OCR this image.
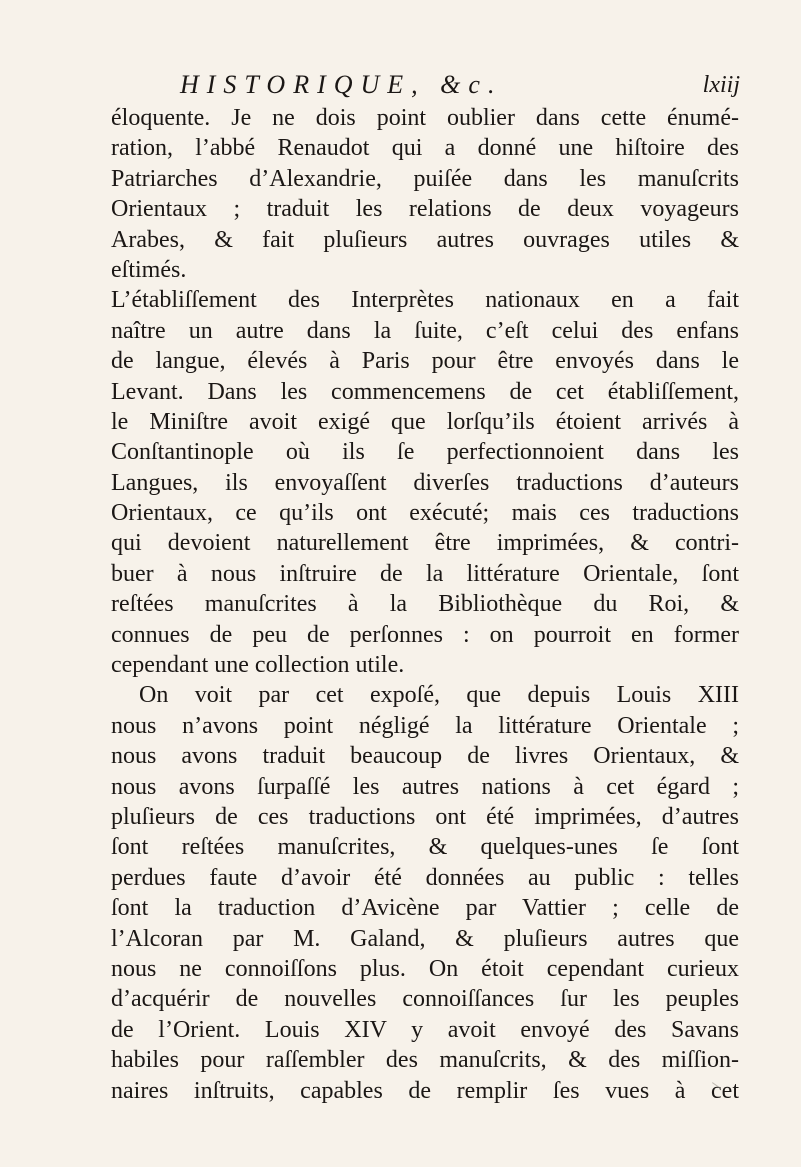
HISTORIQUE, &c.	lxiij
éloquente. Je ne dois point oublier dans cette énumé-
ration, l’abbé Renaudot qui a donné une hiſtoire des
Patriarches d’Alexandrie, puiſée dans les manuſcrits
Orientaux ; traduit les relations de deux voyageurs
Arabes, & fait pluſieurs autres ouvrages utiles &
eſtimés.
L’établiſſement des Interprètes nationaux en a fait
naître un autre dans la ſuite, c’eſt celui des enfans
de langue, élevés à Paris pour être envoyés dans le
Levant. Dans les commencemens de cet établiſſement,
le Miniſtre avoit exigé que lorſqu’ils étoient arrivés à
Conſtantinople où ils ſe perfectionnoient dans les
Langues, ils envoyaſſent diverſes traductions d’auteurs
Orientaux, ce qu’ils ont exécuté; mais ces traductions
qui devoient naturellement être imprimées, & contri-
buer à nous inſtruire de la littérature Orientale, ſont
reſtées manuſcrites à la Bibliothèque du Roi, &
connues de peu de perſonnes : on pourroit en former
cependant une collection utile.
On voit par cet expoſé, que depuis Louis XIII
nous n’avons point négligé la littérature Orientale ;
nous avons traduit beaucoup de livres Orientaux, &
nous avons ſurpaſſé les autres nations à cet égard ;
pluſieurs de ces traductions ont été imprimées, d’autres
ſont reſtées manuſcrites, & quelques-unes ſe ſont
perdues faute d’avoir été données au public : telles
ſont la traduction d’Avicène par Vattier ; celle de
l’Alcoran par M. Galand, & pluſieurs autres que
nous ne connoiſſons plus. On étoit cependant curieux
d’acquérir de nouvelles connoiſſances ſur les peuples
de l’Orient. Louis XIV y avoit envoyé des Savans
habiles pour raſſembler des manuſcrits, & des miſſion-
naires inſtruits, capables de remplir ſes vues à cet
